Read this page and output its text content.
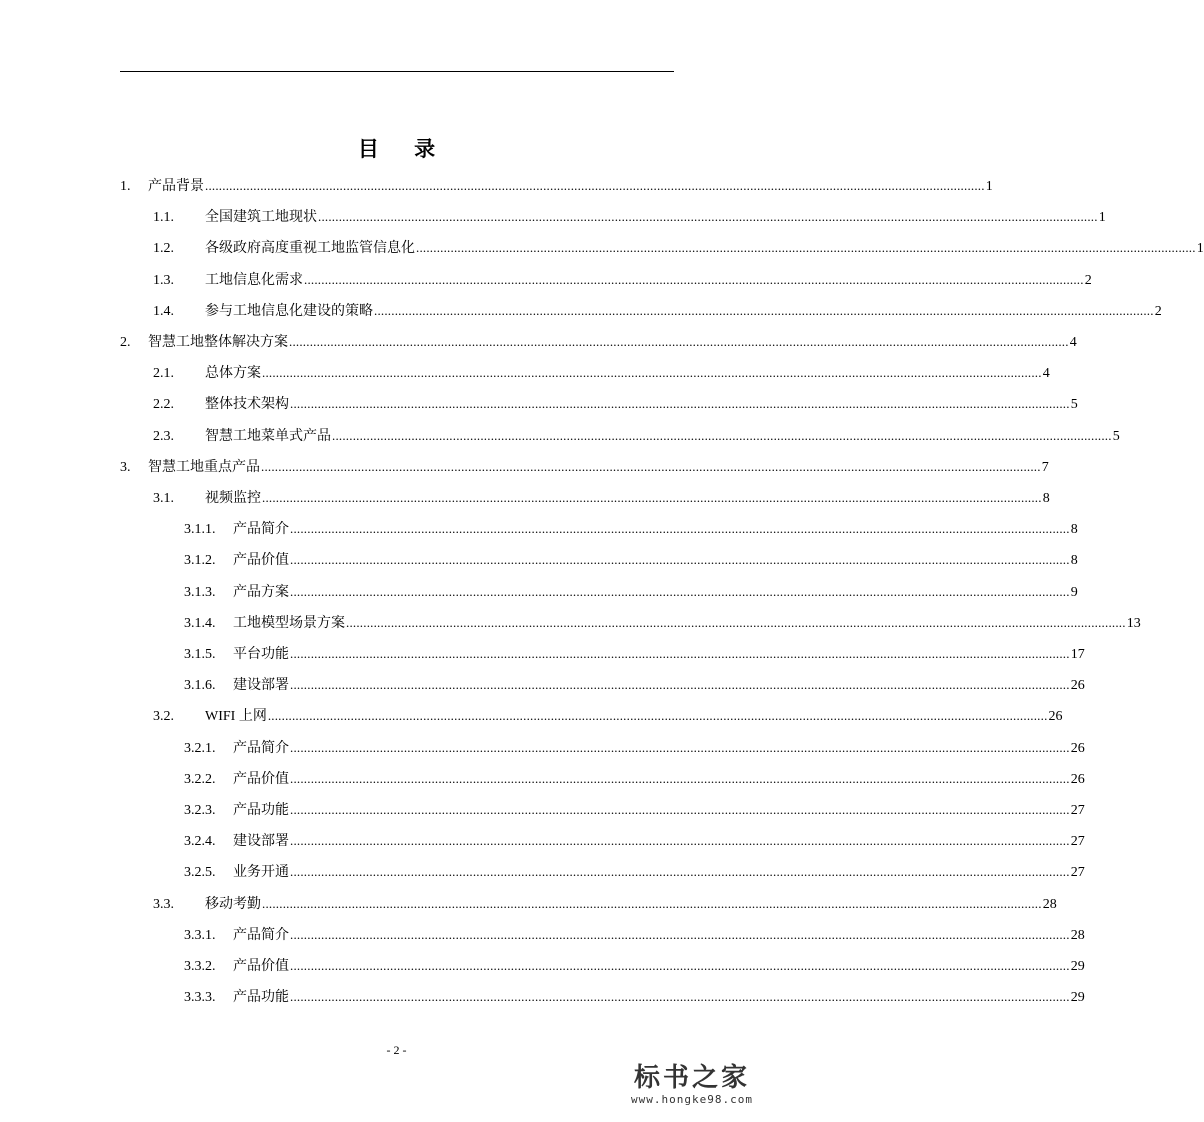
目 录
1.	产品背景 .................................................................................................................................................................................................................................. 1
1.1.	全国建筑工地现状 .................................................................................................................................................................................................................................. 1
1.2.	各级政府高度重视工地监管信息化 .................................................................................................................................................................................................................................. 1
1.3.	工地信息化需求 .................................................................................................................................................................................................................................. 2
1.4.	参与工地信息化建设的策略 .................................................................................................................................................................................................................................. 2
2.	智慧工地整体解决方案 .................................................................................................................................................................................................................................. 4
2.1.	总体方案 .................................................................................................................................................................................................................................. 4
2.2.	整体技术架构 .................................................................................................................................................................................................................................. 5
2.3.	智慧工地菜单式产品 .................................................................................................................................................................................................................................. 5
3.	智慧工地重点产品 .................................................................................................................................................................................................................................. 7
3.1.	视频监控 .................................................................................................................................................................................................................................. 8
3.1.1.	产品简介 .................................................................................................................................................................................................................................. 8
3.1.2.	产品价值 .................................................................................................................................................................................................................................. 8
3.1.3.	产品方案 .................................................................................................................................................................................................................................. 9
3.1.4.	工地模型场景方案 .................................................................................................................................................................................................................................. 13
3.1.5.	平台功能 .................................................................................................................................................................................................................................. 17
3.1.6.	建设部署 .................................................................................................................................................................................................................................. 26
3.2.	WIFI 上网 .................................................................................................................................................................................................................................. 26
3.2.1.	产品简介 .................................................................................................................................................................................................................................. 26
3.2.2.	产品价值 .................................................................................................................................................................................................................................. 26
3.2.3.	产品功能 .................................................................................................................................................................................................................................. 27
3.2.4.	建设部署 .................................................................................................................................................................................................................................. 27
3.2.5.	业务开通 .................................................................................................................................................................................................................................. 27
3.3.	移动考勤 .................................................................................................................................................................................................................................. 28
3.3.1.	产品简介 .................................................................................................................................................................................................................................. 28
3.3.2.	产品价值 .................................................................................................................................................................................................................................. 29
3.3.3.	产品功能 .................................................................................................................................................................................................................................. 29
- 2 -
标书之家
www.hongke98.com
